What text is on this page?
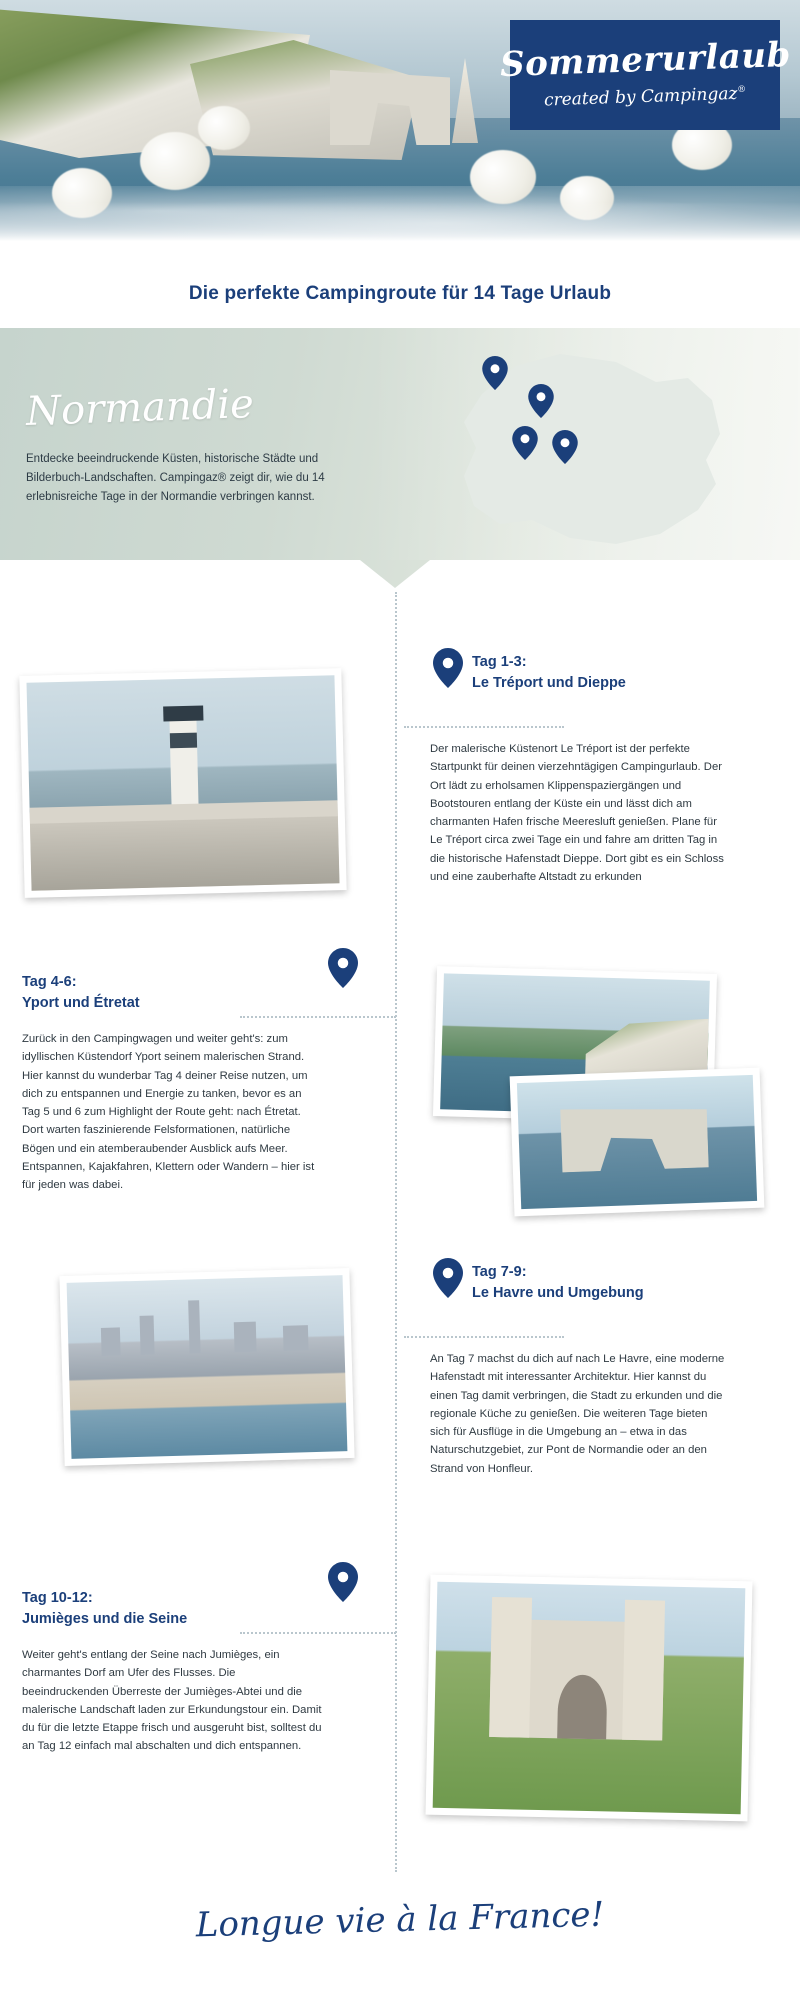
Sommerurlaub
created by Campingaz®
Die perfekte Campingroute für 14 Tage Urlaub
Normandie
Entdecke beeindruckende Küsten, historische Städte und Bilderbuch-Landschaften. Campingaz® zeigt dir, wie du 14 erlebnisreiche Tage in der Normandie verbringen kannst.
Tag 1-3:
Le Tréport und Dieppe
Der malerische Küstenort Le Tréport ist der perfekte Startpunkt für deinen vierzehntägigen Campingurlaub. Der Ort lädt zu erholsamen Klippenspaziergängen und Bootstouren entlang der Küste ein und lässt dich am charmanten Hafen frische Meeresluft genießen. Plane für Le Tréport circa zwei Tage ein und fahre am dritten Tag in die historische Hafenstadt Dieppe. Dort gibt es ein Schloss und eine zauberhafte Altstadt zu erkunden
Tag 4-6:
Yport und Étretat
Zurück in den Campingwagen und weiter geht's: zum idyllischen Küstendorf Yport seinem malerischen Strand. Hier kannst du wunderbar Tag 4 deiner Reise nutzen, um dich zu entspannen und Energie zu tanken, bevor es an Tag 5 und 6 zum Highlight der Route geht: nach Étretat. Dort warten faszinierende Felsformationen, natürliche Bögen und ein atemberaubender Ausblick aufs Meer. Entspannen, Kajakfahren, Klettern oder Wandern – hier ist für jeden was dabei.
Tag 7-9:
Le Havre und Umgebung
An Tag 7 machst du dich auf nach Le Havre, eine moderne Hafenstadt mit interessanter Architektur. Hier kannst du einen Tag damit verbringen, die Stadt zu erkunden und die regionale Küche zu genießen. Die weiteren Tage bieten sich für Ausflüge in die Umgebung an – etwa in das Naturschutzgebiet, zur Pont de Normandie oder an den Strand von Honfleur.
Tag 10-12:
Jumièges und die Seine
Weiter geht's entlang der Seine nach Jumièges, ein charmantes Dorf am Ufer des Flusses. Die beeindruckenden Überreste der Jumièges-Abtei und die malerische Landschaft laden zur Erkundungstour ein. Damit du für die letzte Etappe frisch und ausgeruht bist, solltest du an Tag 12 einfach mal abschalten und dich entspannen.
Longue vie à la France!
